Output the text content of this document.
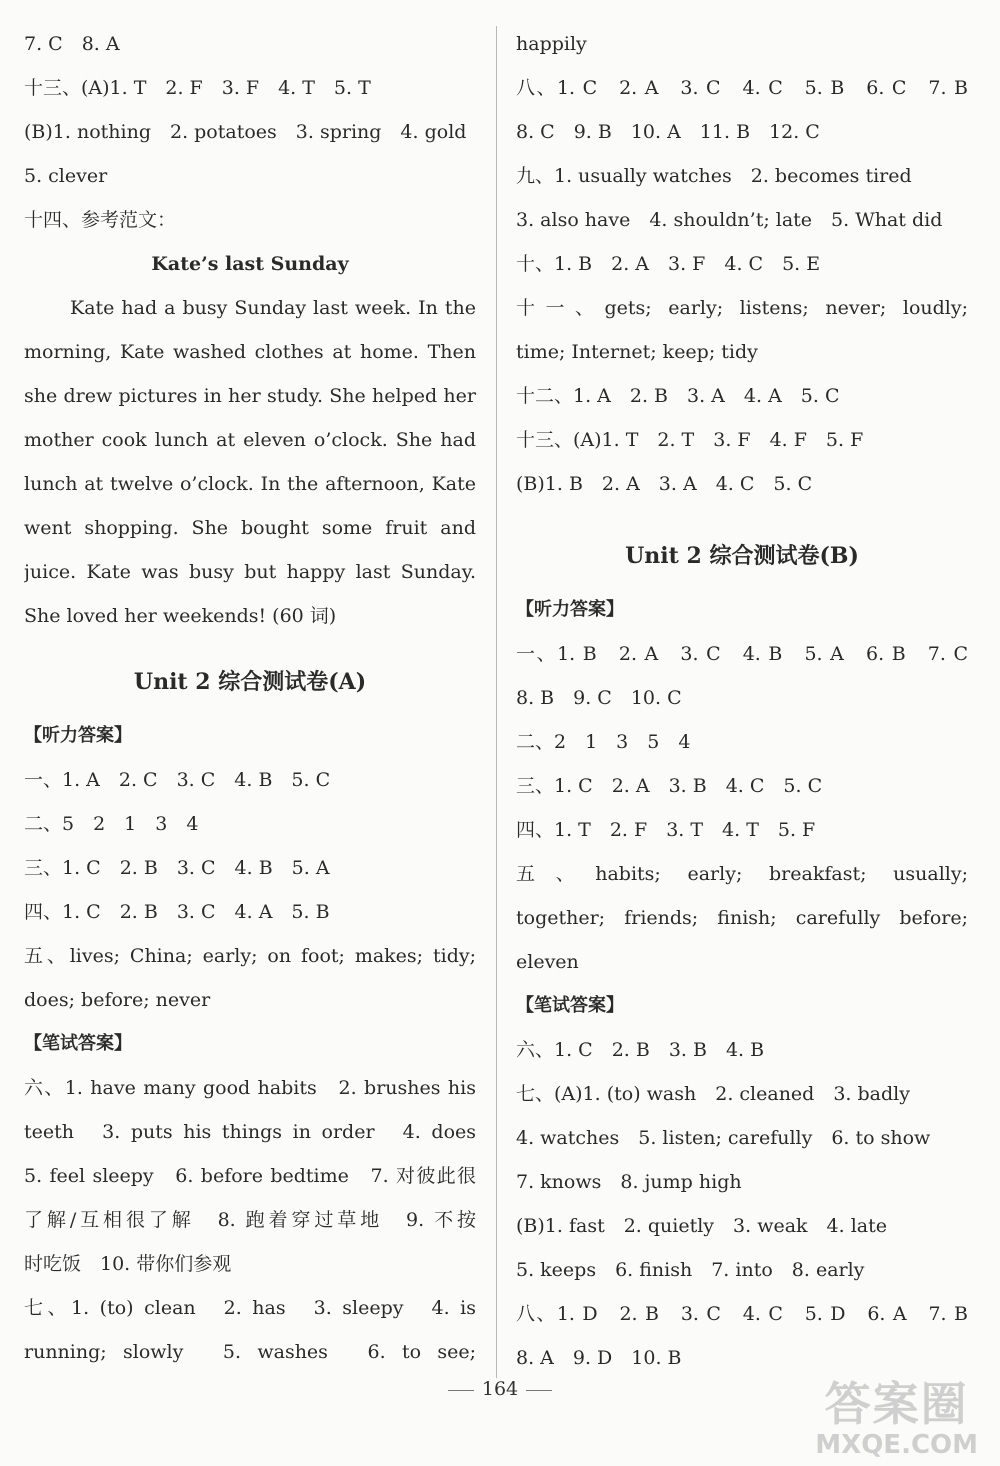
7. C　8. A
十三、(A)1. T　2. F　3. F　4. T　5. T
(B)1. nothing　2. potatoes　3. spring　4. gold
5. clever
十四、参考范文：
Kate’s last Sunday
Kate had a busy Sunday last week. In the
morning, Kate washed clothes at home. Then
she drew pictures in her study. She helped her
mother cook lunch at eleven o’clock. She had
lunch at twelve o’clock. In the afternoon, Kate
went shopping. She bought some fruit and
juice. Kate was busy but happy last Sunday.
She loved her weekends! (60 词)
Unit 2 综合测试卷(A)
【听力答案】
一、1. A　2. C　3. C　4. B　5. C
二、5　2　1　3　4
三、1. C　2. B　3. C　4. B　5. A
四、1. C　2. B　3. C　4. A　5. B
五、lives; China; early; on foot; makes; tidy;
does; before; never
【笔试答案】
六、1. have many good habits　2. brushes his
teeth　3. puts his things in order　4. does
5. feel sleepy　6. before bedtime　7. 对彼此很
了解/互相很了解　8. 跑着穿过草地　9. 不按
时吃饭　10. 带你们参观
七、1. (to) clean　2. has　3. sleepy　4. is
running; slowly　5. washes　6. to see;
happily
八、1. C　2. A　3. C　4. C　5. B　6. C　7. B
8. C　9. B　10. A　11. B　12. C
九、1. usually watches　2. becomes tired
3. also have　4. shouldn’t; late　5. What did
十、1. B　2. A　3. F　4. C　5. E
十一、gets; early; listens; never; loudly;
time; Internet; keep; tidy
十二、1. A　2. B　3. A　4. A　5. C
十三、(A)1. T　2. T　3. F　4. F　5. F
(B)1. B　2. A　3. A　4. C　5. C
Unit 2 综合测试卷(B)
【听力答案】
一、1. B　2. A　3. C　4. B　5. A　6. B　7. C
8. B　9. C　10. C
二、2　1　3　5　4
三、1. C　2. A　3. B　4. C　5. C
四、1. T　2. F　3. T　4. T　5. F
五、habits; early; breakfast; usually;
together; friends; finish; carefully before;
eleven
【笔试答案】
六、1. C　2. B　3. B　4. B
七、(A)1. (to) wash　2. cleaned　3. badly
4. watches　5. listen; carefully　6. to show
7. knows　8. jump high
(B)1. fast　2. quietly　3. weak　4. late
5. keeps　6. finish　7. into　8. early
八、1. D　2. B　3. C　4. C　5. D　6. A　7. B
8. A　9. D　10. B
164	答案圈
MXQE.COM
